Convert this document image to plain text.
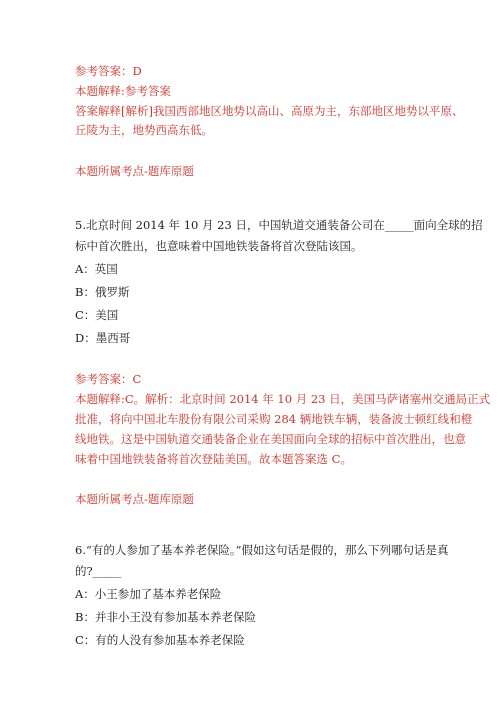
参考答案：D
本题解释:参考答案
答案解释[解析]我国西部地区地势以高山、高原为主，东部地区地势以平原、
丘陵为主，地势西高东低。
本题所属考点-题库原题
5.北京时间 2014 年 10 月 23 日，中国轨道交通装备公司在_____面向全球的招
标中首次胜出，也意味着中国地铁装备将首次登陆该国。
A：英国
B：俄罗斯
C：美国
D：墨西哥
参考答案：C
本题解释:C。解析：北京时间 2014 年 10 月 23 日，美国马萨诸塞州交通局正式
批准，将向中国北车股份有限公司采购 284 辆地铁车辆，装备波士顿红线和橙
线地铁。这是中国轨道交通装备企业在美国面向全球的招标中首次胜出，也意
味着中国地铁装备将首次登陆美国。故本题答案选 C。
本题所属考点-题库原题
6.“有的人参加了基本养老保险。”假如这句话是假的，那么下列哪句话是真
的?_____
A：小王参加了基本养老保险
B：并非小王没有参加基本养老保险
C：有的人没有参加基本养老保险
